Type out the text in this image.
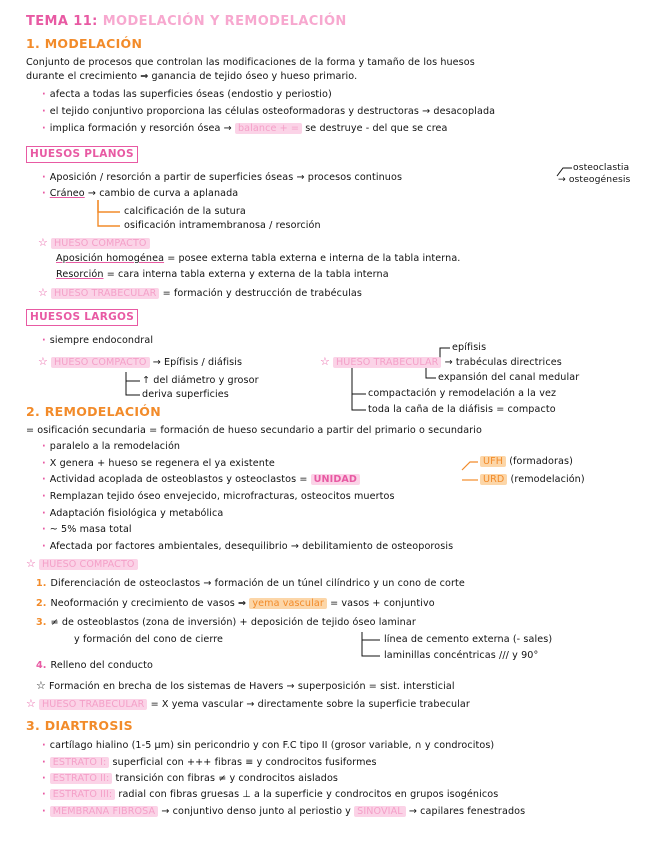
TEMA 11: MODELACIÓN Y REMODELACIÓN
1. MODELACIÓN
Conjunto de procesos que controlan las modificaciones de la forma y tamaño de los huesos
durante el crecimiento ⇒ ganancia de tejido óseo y hueso primario.
· afecta a todas las superficies óseas (endostio y periostio)
· el tejido conjuntivo proporciona las células osteoformadoras y destructoras → desacoplada
· implica formación y resorción ósea → balance + = se destruye - del que se crea
HUESOS PLANOS
· Aposición / resorción a partir de superficies óseas → procesos continuos
osteoclastia
→ osteogénesis
· Cráneo → cambio de curva a aplanada
calcificación de la sutura
osificación intramembranosa / resorción
☆ HUESO COMPACTO
Aposición homogénea = posee externa tabla externa e interna de la tabla interna.
Resorción = cara interna tabla externa y externa de la tabla interna
☆ HUESO TRABECULAR = formación y destrucción de trabéculas
HUESOS LARGOS
· siempre endocondral
epífisis
☆ HUESO COMPACTO → Epífisis / diáfisis	☆ HUESO TRABECULAR → trabéculas directrices
↑ del diámetro y grosor	expansión del canal medular
deriva superficies	compactación y remodelación a la vez
toda la caña de la diáfisis = compacto
2. REMODELACIÓN
= osificación secundaria = formación de hueso secundario a partir del primario o secundario
· paralelo a la remodelación
· X genera + hueso se regenera el ya existente
· Actividad acoplada de osteoblastos y osteoclastos = UNIDAD
UFH (formadoras)
URD (remodelación)
· Remplazan tejido óseo envejecido, microfracturas, osteocitos muertos
· Adaptación fisiológica y metabólica
· ~ 5% masa total
· Afectada por factores ambientales, desequilibrio → debilitamiento de osteoporosis
☆ HUESO COMPACTO
1. Diferenciación de osteoclastos → formación de un túnel cilíndrico y un cono de corte
2. Neoformación y crecimiento de vasos ⇒ yema vascular = vasos + conjuntivo
3. ≠ de osteoblastos (zona de inversión) + deposición de tejido óseo laminar
y formación del cono de cierre	línea de cemento externa (- sales)
laminillas concéntricas /// y 90°
4. Relleno del conducto
☆ Formación en brecha de los sistemas de Havers → superposición = sist. intersticial
☆ HUESO TRABECULAR = X yema vascular → directamente sobre la superficie trabecular
3. DIARTROSIS
· cartílago hialino (1-5 μm) sin pericondrio y con F.C tipo II (grosor variable, ∩ y condrocitos)
· ESTRATO I: superficial con +++ fibras ≡ y condrocitos fusiformes
· ESTRATO II: transición con fibras ≠ y condrocitos aislados
· ESTRATO III: radial con fibras gruesas ⊥ a la superficie y condrocitos en grupos isogénicos
· MEMBRANA FIBROSA → conjuntivo denso junto al periostio y SINOVIAL → capilares fenestrados
